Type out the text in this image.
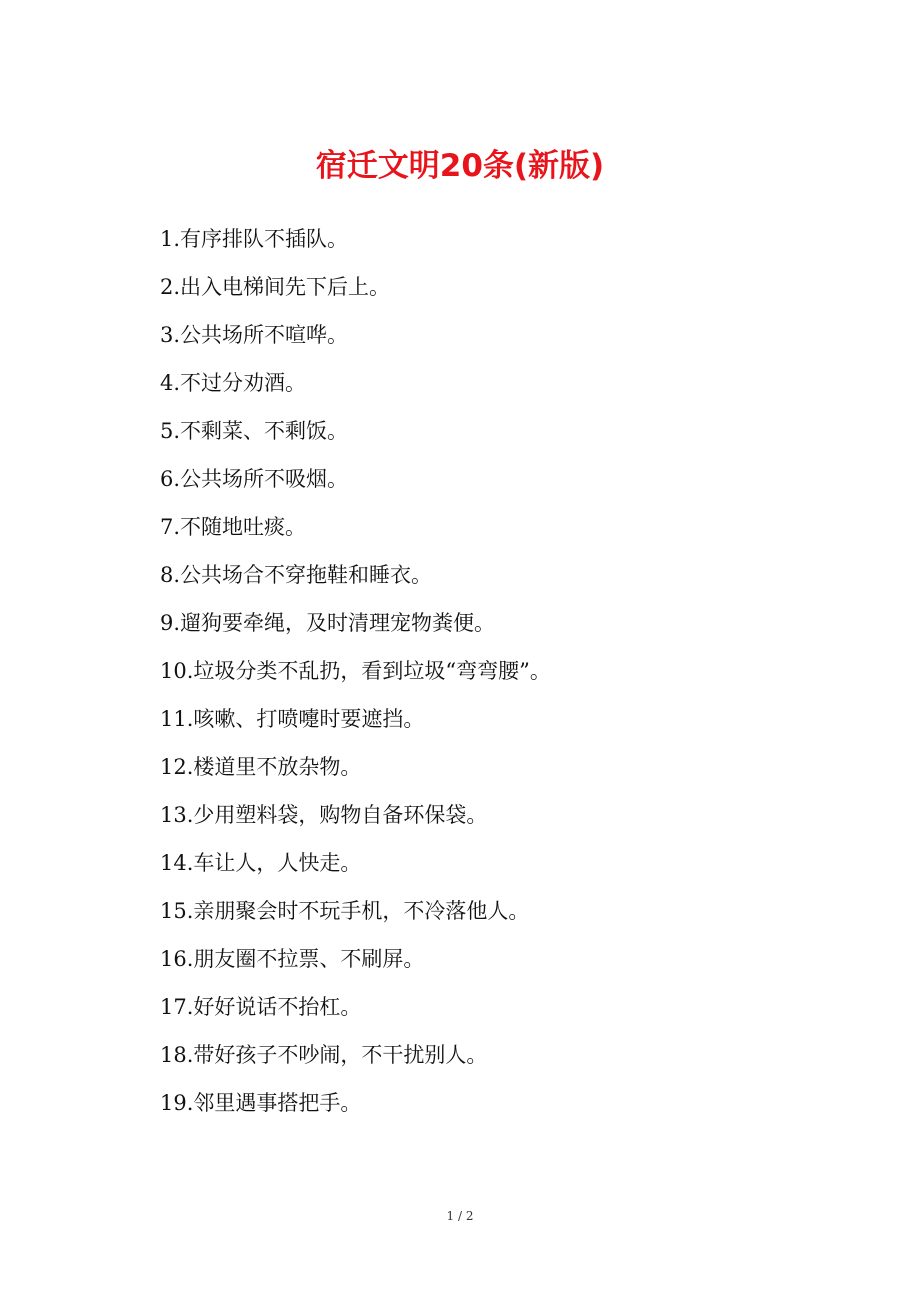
宿迁文明20条(新版)
1.有序排队不插队。
2.出入电梯间先下后上。
3.公共场所不喧哗。
4.不过分劝酒。
5.不剩菜、不剩饭。
6.公共场所不吸烟。
7.不随地吐痰。
8.公共场合不穿拖鞋和睡衣。
9.遛狗要牵绳，及时清理宠物粪便。
10.垃圾分类不乱扔，看到垃圾“弯弯腰”。
11.咳嗽、打喷嚏时要遮挡。
12.楼道里不放杂物。
13.少用塑料袋，购物自备环保袋。
14.车让人，人快走。
15.亲朋聚会时不玩手机，不冷落他人。
16.朋友圈不拉票、不刷屏。
17.好好说话不抬杠。
18.带好孩子不吵闹，不干扰别人。
19.邻里遇事搭把手。
1 / 2
